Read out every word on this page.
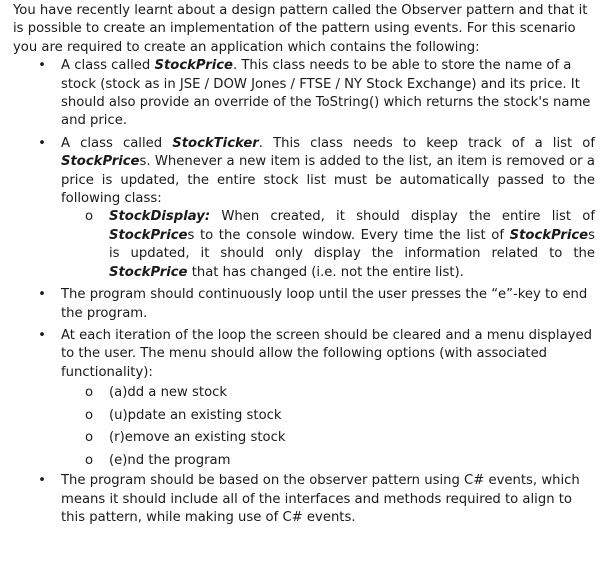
You have recently learnt about a design pattern called the Observer pattern and that it is possible to create an implementation of the pattern using events. For this scenario you are required to create an application which contains the following:

• A class called StockPrice. This class needs to be able to store the name of a stock (stock as in JSE / DOW Jones / FTSE / NY Stock Exchange) and its price. It should also provide an override of the ToString() which returns the stock's name and price.
• A class called StockTicker. This class needs to keep track of a list of StockPrices. Whenever a new item is added to the list, an item is removed or a price is updated, the entire stock list must be automatically passed to the following class:
o StockDisplay: When created, it should display the entire list of StockPrices to the console window. Every time the list of StockPrices is updated, it should only display the information related to the StockPrice that has changed (i.e. not the entire list).
• The program should continuously loop until the user presses the “e”-key to end the program.
• At each iteration of the loop the screen should be cleared and a menu displayed to the user. The menu should allow the following options (with associated functionality):
o (a)dd a new stock
o (u)pdate an existing stock
o (r)emove an existing stock
o (e)nd the program
• The program should be based on the observer pattern using C# events, which means it should include all of the interfaces and methods required to align to this pattern, while making use of C# events.
